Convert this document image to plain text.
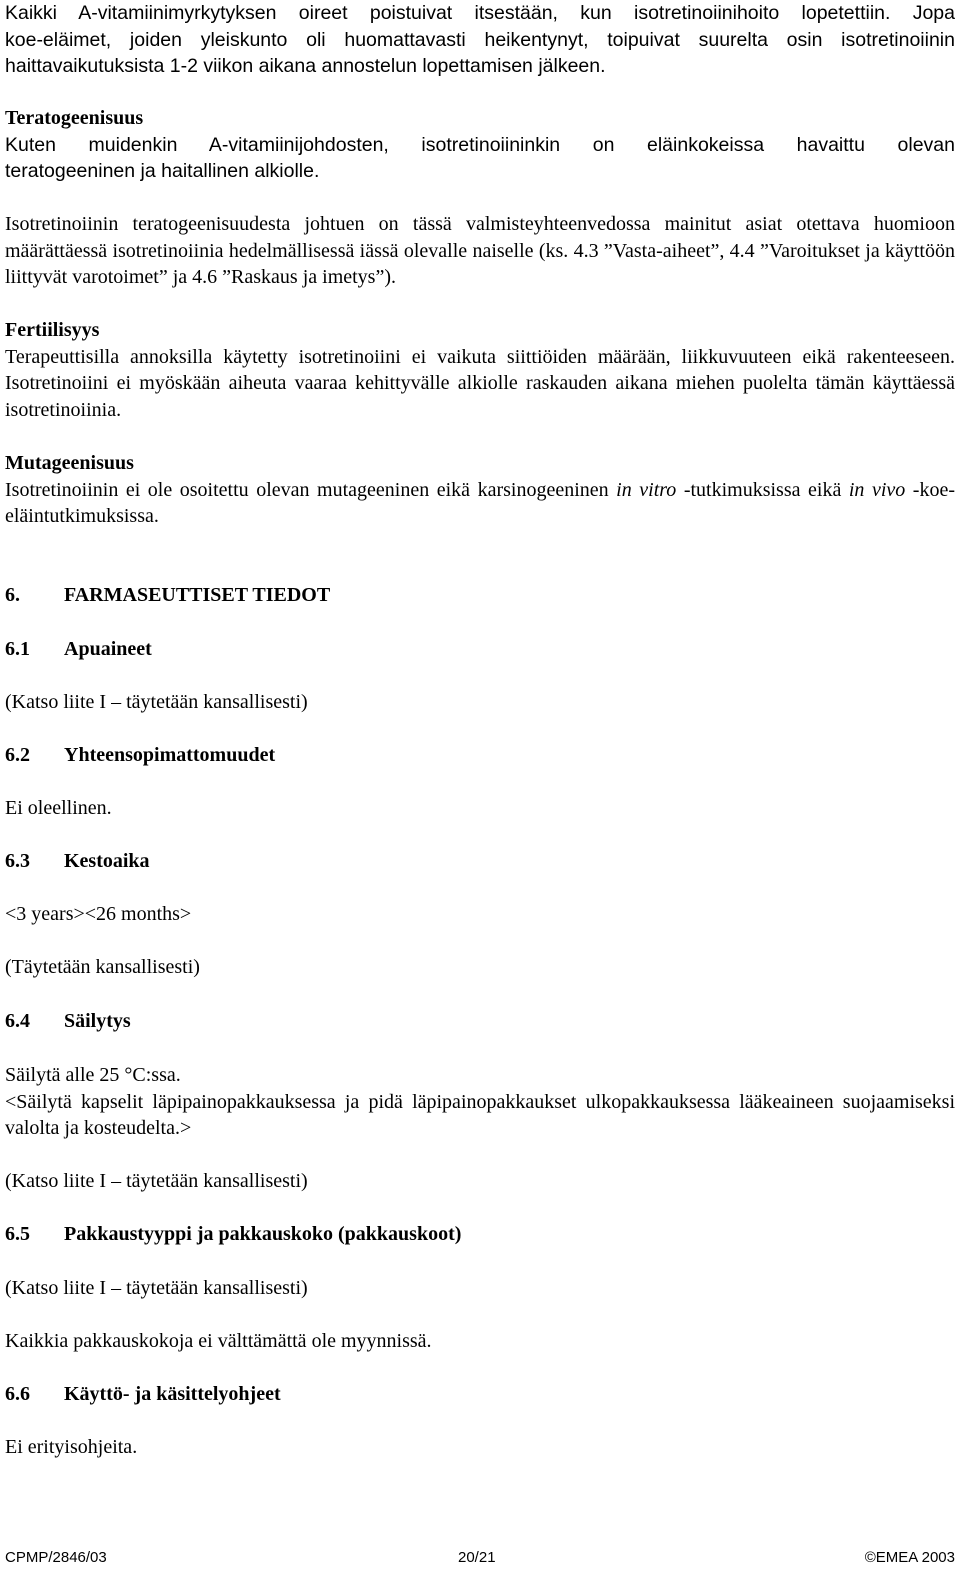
Kaikki A-vitamiinimyrkytyksen oireet poistuivat itsestään, kun isotretinoiinihoito lopetettiin. Jopa
koe-eläimet, joiden yleiskunto oli huomattavasti heikentynyt, toipuivat suurelta osin isotretinoiinin
haittavaikutuksista 1-2 viikon aikana annostelun lopettamisen jälkeen.
Teratogeenisuus
Kuten muidenkin A-vitamiinijohdosten, isotretinoiininkin on eläinkokeissa havaittu olevan
teratogeeninen ja haitallinen alkiolle.
Isotretinoiinin teratogeenisuudesta johtuen on tässä valmisteyhteenvedossa mainitut asiat otettava huomioon määrättäessä isotretinoiinia hedelmällisessä iässä olevalle naiselle (ks. 4.3 ”Vasta-aiheet”, 4.4 ”Varoitukset ja käyttöön liittyvät varotoimet” ja 4.6 ”Raskaus ja imetys”).
Fertiilisyys
Terapeuttisilla annoksilla käytetty isotretinoiini ei vaikuta siittiöiden määrään, liikkuvuuteen eikä rakenteeseen. Isotretinoiini ei myöskään aiheuta vaaraa kehittyvälle alkiolle raskauden aikana miehen puolelta tämän käyttäessä isotretinoiinia.
Mutageenisuus
Isotretinoiinin ei ole osoitettu olevan mutageeninen eikä karsinogeeninen in vitro -tutkimuksissa eikä in vivo -koe-eläintutkimuksissa.
6. FARMASEUTTISET TIEDOT
6.1 Apuaineet
(Katso liite I – täytetään kansallisesti)
6.2 Yhteensopimattomuudet
Ei oleellinen.
6.3 Kestoaika
<3 years><26 months>
(Täytetään kansallisesti)
6.4 Säilytys
Säilytä alle 25 °C:ssa.
<Säilytä kapselit läpipainopakkauksessa ja pidä läpipainopakkaukset ulkopakkauksessa lääkeaineen suojaamiseksi valolta ja kosteudelta.>
(Katso liite I – täytetään kansallisesti)
6.5 Pakkaustyyppi ja pakkauskoko (pakkauskoot)
(Katso liite I – täytetään kansallisesti)
Kaikkia pakkauskokoja ei välttämättä ole myynnissä.
6.6 Käyttö- ja käsittelyohjeet
Ei erityisohjeita.
CPMP/2846/03	20/21	©EMEA 2003
